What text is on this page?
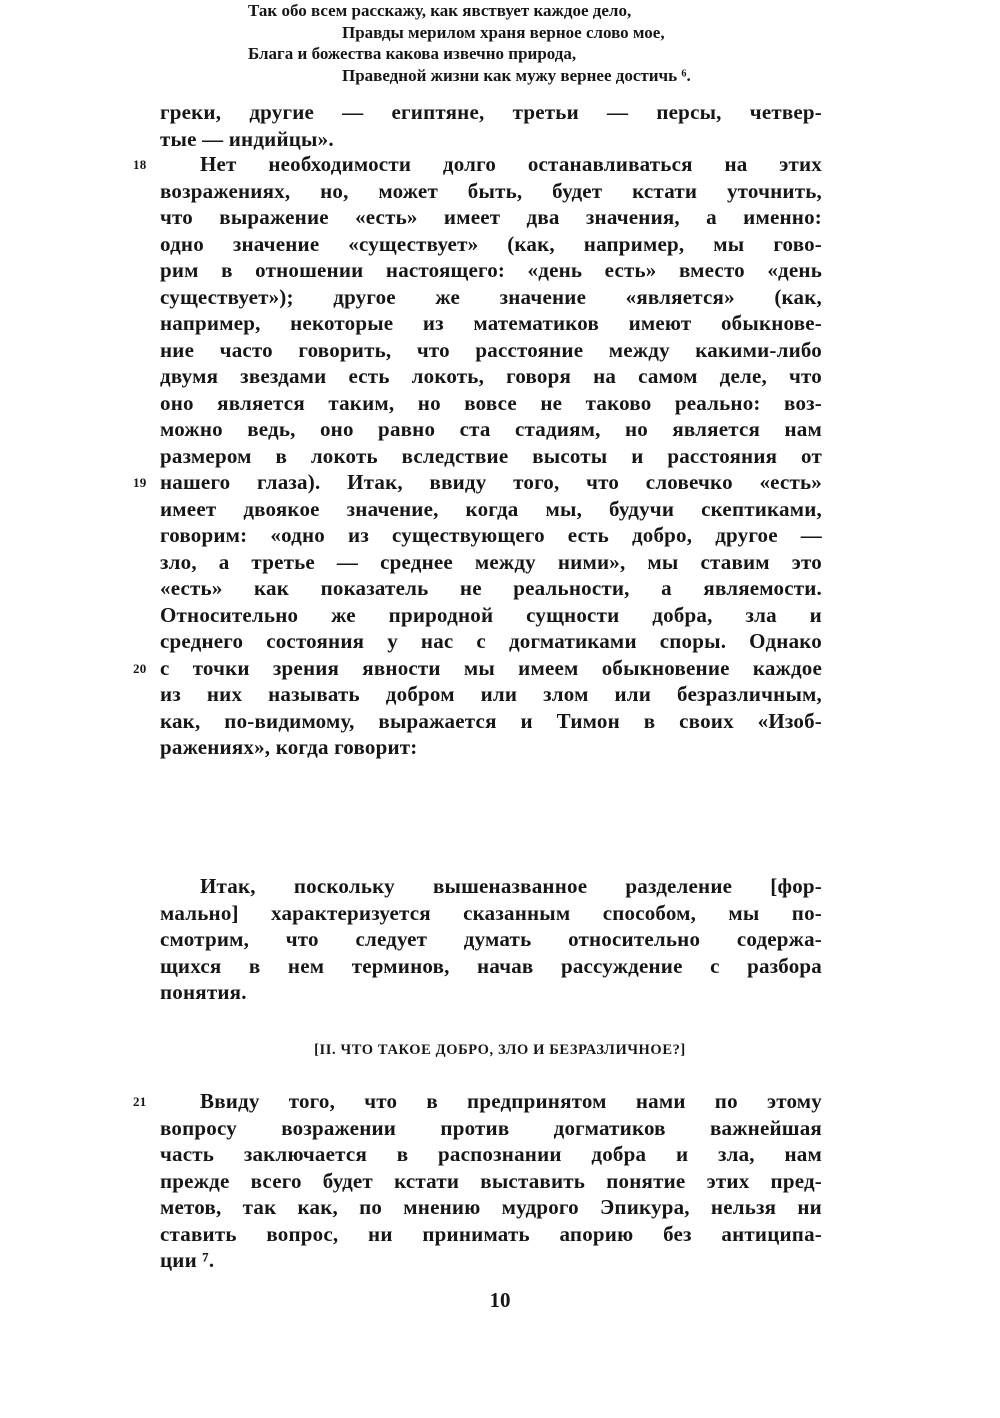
греки, другие — египтяне, третьи — персы, четвер-
тые — индийцы».
18	Нет необходимости долго останавливаться на этих
возражениях, но, может быть, будет кстати уточнить,
что выражение «есть» имеет два значения, а именно:
одно значение «существует» (как, например, мы гово-
рим в отношении настоящего: «день есть» вместо «день
существует»); другое же значение «является» (как,
например, некоторые из математиков имеют обыкнове-
ние часто говорить, что расстояние между какими-либо
двумя звездами есть локоть, говоря на самом деле, что
оно является таким, но вовсе не таково реально: воз-
можно ведь, оно равно ста стадиям, но является нам
размером в локоть вследствие высоты и расстояния от
19 нашего глаза). Итак, ввиду того, что словечко «есть»
имеет двоякое значение, когда мы, будучи скептиками,
говорим: «одно из существующего есть добро, другое —
зло, а третье — среднее между ними», мы ставим это
«есть» как показатель не реальности, а являемости.
Относительно же природной сущности добра, зла и
среднего состояния у нас с догматиками споры. Однако
20 с точки зрения явности мы имеем обыкновение каждое
из них называть добром или злом или безразличным,
как, по-видимому, выражается и Тимон в своих «Изоб-
ражениях», когда говорит:
Так обо всем расскажу, как явствует каждое дело,
Правды мерилом храня верное слово мое,
Блага и божества какова извечно природа,
Праведной жизни как мужу вернее достичь ⁶.
Итак, поскольку вышеназванное разделение [фор-
мально] характеризуется сказанным способом, мы по-
смотрим, что следует думать относительно содержа-
щихся в нем терминов, начав рассуждение с разбора
понятия.
[II. ЧТО ТАКОЕ ДОБРО, ЗЛО И БЕЗРАЗЛИЧНОЕ?]
21	Ввиду того, что в предпринятом нами по этому
вопросу возражении против догматиков важнейшая
часть заключается в распознании добра и зла, нам
прежде всего будет кстати выставить понятие этих пред-
метов, так как, по мнению мудрого Эпикура, нельзя ни
ставить вопрос, ни принимать апорию без антиципа-
ции ⁷.
10
